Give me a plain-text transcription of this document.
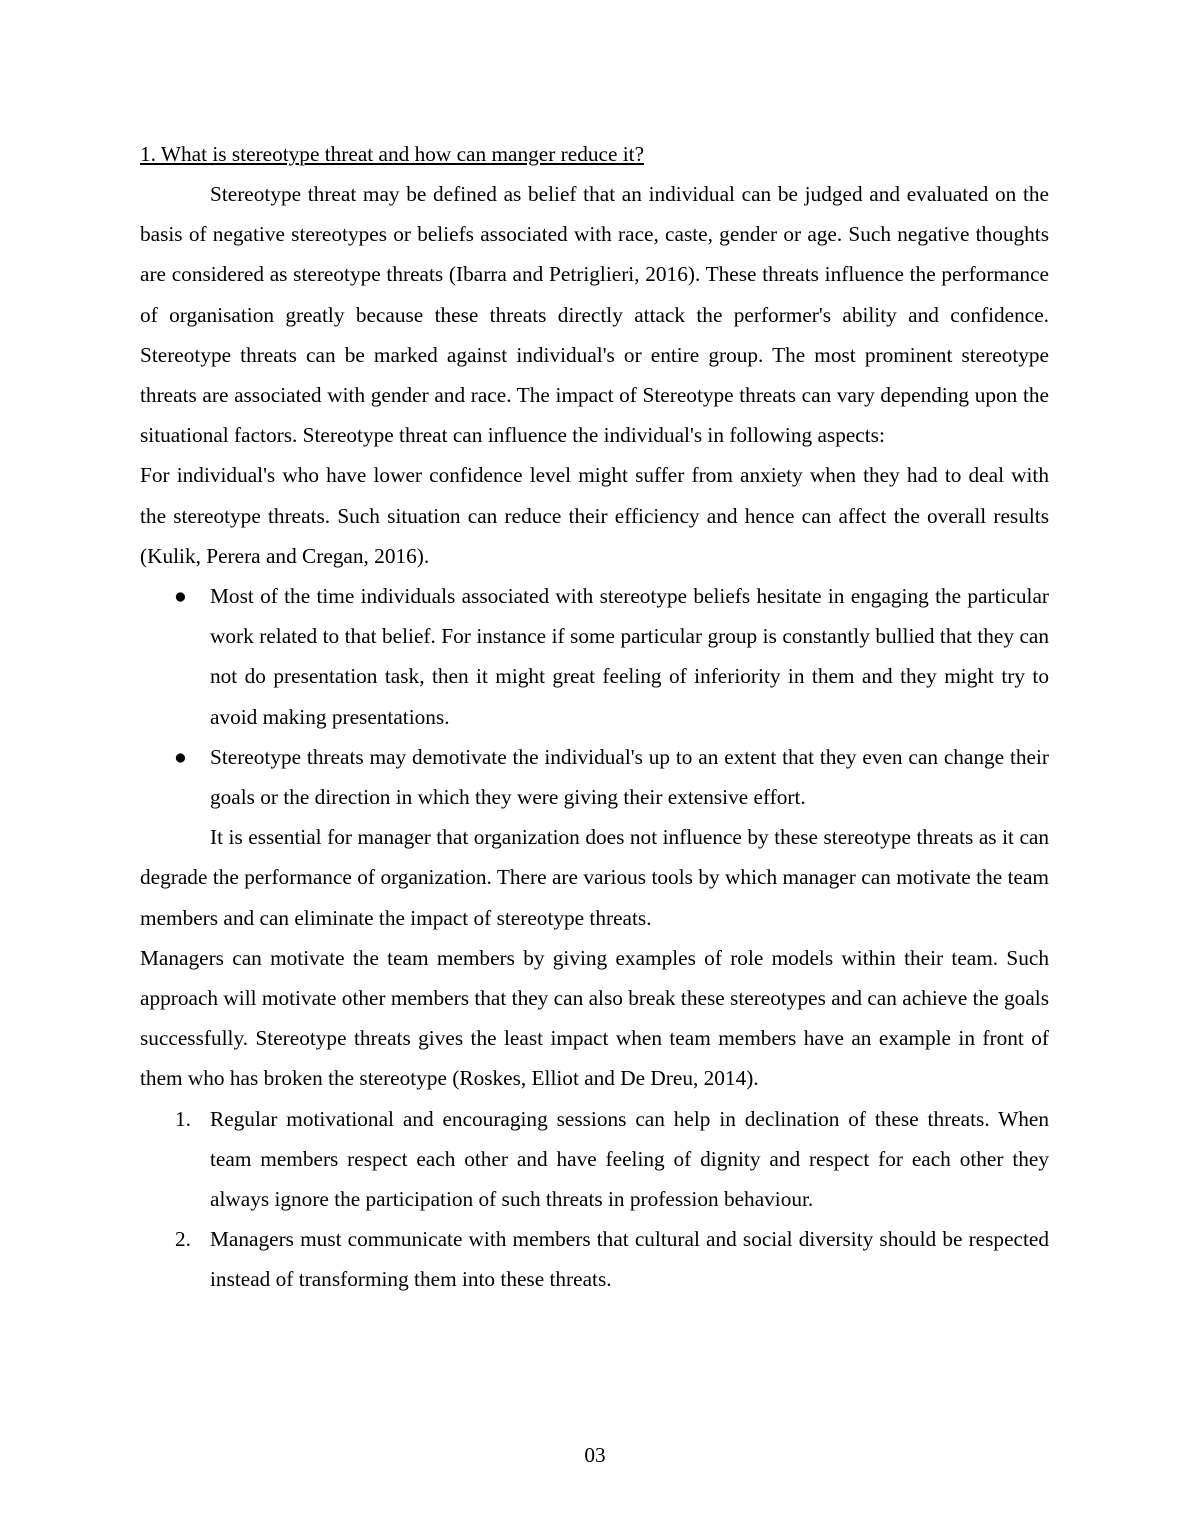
1. What is stereotype threat and how can manger reduce it?

Stereotype threat may be defined as belief that an individual can be judged and evaluated on the basis of negative stereotypes or beliefs associated with race, caste, gender or age. Such negative thoughts are considered as stereotype threats (Ibarra and Petriglieri, 2016). These threats influence the performance of organisation greatly because these threats directly attack the performer's ability and confidence. Stereotype threats can be marked against individual's or entire group. The most prominent stereotype threats are associated with gender and race. The impact of Stereotype threats can vary depending upon the situational factors. Stereotype threat can influence the individual's in following aspects:

For individual's who have lower confidence level might suffer from anxiety when they had to deal with the stereotype threats. Such situation can reduce their efficiency and hence can affect the overall results (Kulik, Perera and Cregan, 2016).

● Most of the time individuals associated with stereotype beliefs hesitate in engaging the particular work related to that belief. For instance if some particular group is constantly bullied that they can not do presentation task, then it might great feeling of inferiority in them and they might try to avoid making presentations.
● Stereotype threats may demotivate the individual's up to an extent that they even can change their goals or the direction in which they were giving their extensive effort.

It is essential for manager that organization does not influence by these stereotype threats as it can degrade the performance of organization. There are various tools by which manager can motivate the team members and can eliminate the impact of stereotype threats.

Managers can motivate the team members by giving examples of role models within their team. Such approach will motivate other members that they can also break these stereotypes and can achieve the goals successfully. Stereotype threats gives the least impact when team members have an example in front of them who has broken the stereotype (Roskes, Elliot and De Dreu, 2014).

1. Regular motivational and encouraging sessions can help in declination of these threats. When team members respect each other and have feeling of dignity and respect for each other they always ignore the participation of such threats in profession behaviour.
2. Managers must communicate with members that cultural and social diversity should be respected instead of transforming them into these threats.
03
